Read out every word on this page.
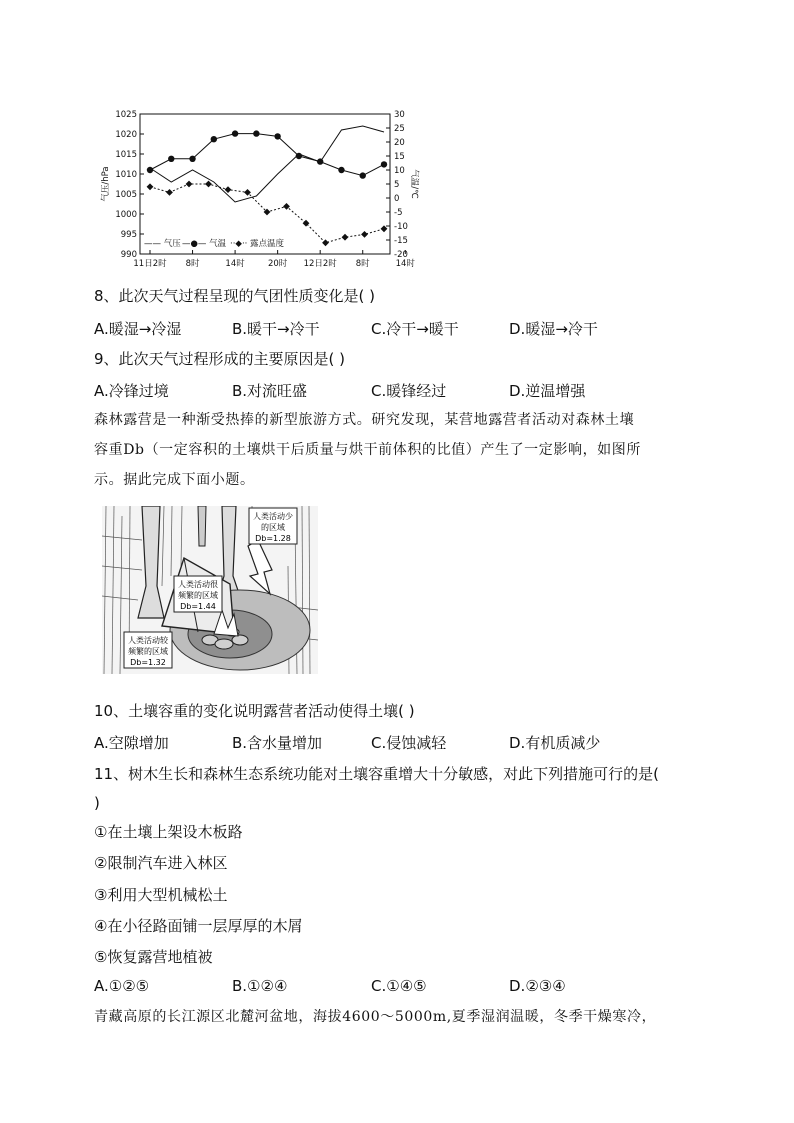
990
995
1000
1005
1010
1015
1020
1025
-20
-15
-10
-5
0
5
10
15
20
25
30
11日2时 8时	14时	20时 12日2时 8时	14时
气压/hPa	气温/℃
—— 气压 —●— 气温 ··◆·· 露点温度
8、此次天气过程呈现的气团性质变化是( )
A.暖湿→冷湿	B.暖干→冷干	C.冷干→暖干	D.暖湿→冷干
9、此次天气过程形成的主要原因是( )
A.冷锋过境	B.对流旺盛	C.暖锋经过	D.逆温增强
森林露营是一种渐受热捧的新型旅游方式。研究发现，某营地露营者活动对森林土壤
容重Db（一定容积的土壤烘干后质量与烘干前体积的比值）产生了一定影响，如图所
示。据此完成下面小题。
人类活动少
的区域
Db=1.28
人类活动很
频繁的区域
Db=1.44
人类活动较
频繁的区域
Db=1.32
10、土壤容重的变化说明露营者活动使得土壤( )
A.空隙增加	B.含水量增加	C.侵蚀减轻	D.有机质减少
11、树木生长和森林生态系统功能对土壤容重增大十分敏感，对此下列措施可行的是(
)
①在土壤上架设木板路
②限制汽车进入林区
③利用大型机械松土
④在小径路面铺一层厚厚的木屑
⑤恢复露营地植被
A.①②⑤	B.①②④	C.①④⑤	D.②③④
青藏高原的长江源区北麓河盆地，海拔4600～5000m,夏季湿润温暖，冬季干燥寒冷，
